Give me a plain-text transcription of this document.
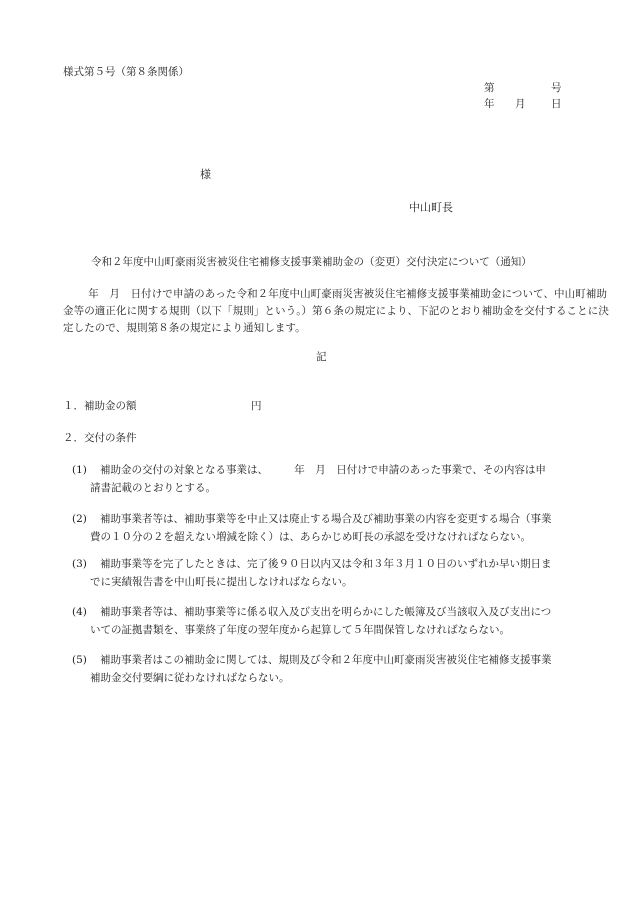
様式第５号（第８条関係）
第	号
年 月 日
様
中山町長
令和２年度中山町豪雨災害被災住宅補修支援事業補助金の（変更）交付決定について（通知）
年　月　日付けで申請のあった令和２年度中山町豪雨災害被災住宅補修支援事業補助金について、中山町補助金等の適正化に関する規則（以下「規則」という。）第６条の規定により、下記のとおり補助金を交付することに決定したので、規則第８条の規定により通知します。
記
１．補助金の額	円
２．交付の条件
(1) 補助金の交付の対象となる事業は、　　　年　月　日付けで申請のあった事業で、その内容は申
請書記載のとおりとする。
(2) 補助事業者等は、補助事業等を中止又は廃止する場合及び補助事業の内容を変更する場合（事業
費の１０分の２を超えない増減を除く）は、あらかじめ町長の承認を受けなければならない。
(3) 補助事業等を完了したときは、完了後９０日以内又は令和３年３月１０日のいずれか早い期日ま
でに実績報告書を中山町長に提出しなければならない。
(4) 補助事業者等は、補助事業等に係る収入及び支出を明らかにした帳簿及び当該収入及び支出につ
いての証拠書類を、事業終了年度の翌年度から起算して５年間保管しなければならない。
(5) 補助事業者はこの補助金に関しては、規則及び令和２年度中山町豪雨災害被災住宅補修支援事業
補助金交付要綱に従わなければならない。
